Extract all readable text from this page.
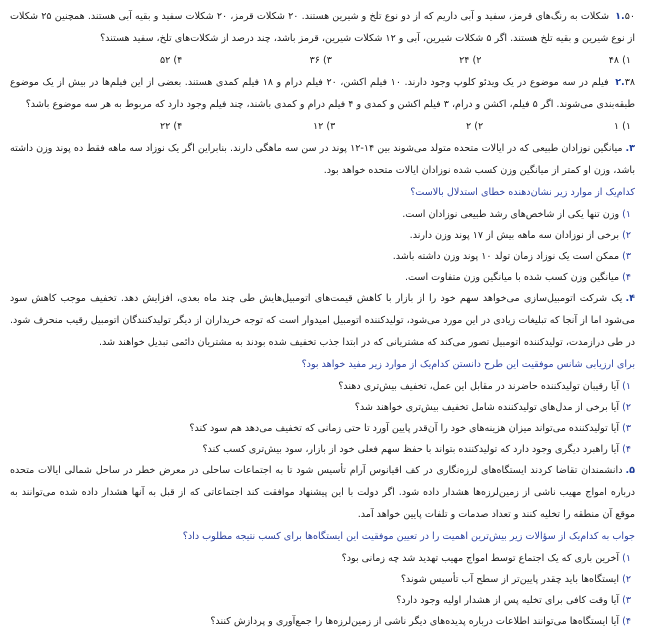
۱.۵۰ شکلات به رنگ‌های قرمز، سفید و آبی داریم که از دو نوع تلخ و شیرین هستند. ۲۰ شکلات قرمز، ۲۰ شکلات سفید و بقیه آبی هستند. همچنین ۲۵ شکلات از نوع شیرین و بقیه تلخ هستند. اگر ۵ شکلات شیرین، آبی و ۱۲ شکلات شیرین، قرمز باشد، چند درصد از شکلات‌های تلخ، سفید هستند؟

۱) ۴۸
۲) ۲۴
۳) ۳۶
۴) ۵۲

۲.۳۸ فیلم در سه موضوع در یک ویدئو کلوپ وجود دارند. ۱۰ فیلم اکشن، ۲۰ فیلم درام و ۱۸ فیلم کمدی هستند. بعضی از این فیلم‌ها در بیش از یک موضوع طبقه‌بندی می‌شوند. اگر ۵ فیلم، اکشن و درام، ۳ فیلم اکشن و کمدی و ۴ فیلم درام و کمدی باشند، چند فیلم وجود دارد که مربوط به هر سه موضوع باشد؟

۱) ۱
۲) ۲
۳) ۱۲
۴) ۲۲

۳.میانگین نوزادان طبیعی که در ایالات متحده متولد می‌شوند بین ۱۴-۱۲ پوند در سن سه ماهگی دارند. بنابراین اگر یک نوزاد سه ماهه فقط ده پوند وزن داشته باشد، وزن او کمتر از میانگین وزن کسب شده نوزادان ایالات متحده خواهد بود.

کدام‌یک از موارد زیر نشان‌دهنده خطای استدلال بالاست؟

۱)وزن تنها یکی از شاخص‌های رشد طبیعی نوزادان است.

۲)برخی از نوزادان سه ماهه بیش از ۱۷ پوند وزن دارند.

۳)ممکن است یک نوزاد زمان تولد ۱۰ پوند وزن داشته باشد.

۴)میانگین وزن کسب شده با میانگین وزن متفاوت است.

۴.یک شرکت اتومبیل‌سازی می‌خواهد سهم خود را از بازار با کاهش قیمت‌های اتومبیل‌هایش طی چند ماه بعدی، افزایش دهد. تخفیف موجب کاهش سود می‌شود اما از آنجا که تبلیغات زیادی در این مورد می‌شود، تولیدکننده اتومبیل امیدوار است که توجه خریداران از دیگر تولیدکنندگان اتومبیل رقیب منحرف شود. در طی درازمدت، تولیدکننده اتومبیل تصور می‌کند که مشتریانی که در ابتدا جذب تخفیف شده بودند به مشتریان دائمی تبدیل خواهند شد.

برای ارزیابی شانس موفقیت این طرح دانستن کدام‌یک از موارد زیر مفید خواهد بود؟

۱)آیا رقیبان تولیدکننده حاضرند در مقابل این عمل، تخفیف بیش‌تری دهند؟

۲)آیا برخی از مدل‌های تولیدکننده شامل تخفیف بیش‌تری خواهند شد؟

۳)آیا تولیدکننده می‌تواند میزان هزینه‌های خود را آن‌قدر پایین آورد تا حتی زمانی که تخفیف می‌دهد هم سود کند؟

۴)آیا راهبرد دیگری وجود دارد که تولیدکننده بتواند با حفظ سهم فعلی خود از بازار، سود بیش‌تری کسب کند؟

۵.دانشمندان تقاضا کردند ایستگاه‌های لرزه‌نگاری در کف اقیانوس آرام تأسیس شود تا به اجتماعات ساحلی در معرض خطر در ساحل شمالی ایالات متحده درباره امواج مهیب ناشی از زمین‌لرزه‌ها هشدار داده شود. اگر دولت با این پیشنهاد موافقت کند اجتماعاتی که از قبل به آنها هشدار داده شده می‌توانند به موقع آن منطقه را تخلیه کنند و تعداد صدمات و تلفات پایین خواهد آمد.

جواب به کدام‌یک از سؤالات زیر بیش‌ترین اهمیت را در تعیین موفقیت این ایستگاه‌ها برای کسب نتیجه مطلوب داد؟

۱)آخرین باری که یک اجتماع توسط امواج مهیب تهدید شد چه زمانی بود؟

۲)ایستگاه‌ها باید چقدر پایین‌تر از سطح آب تأسیس شوند؟

۳)آیا وقت کافی برای تخلیه پس از هشدار اولیه وجود دارد؟

۴)آیا ایستگاه‌ها می‌توانند اطلاعات درباره پدیده‌های دیگر ناشی از زمین‌لرزه‌ها را جمع‌آوری و پردازش کنند؟
